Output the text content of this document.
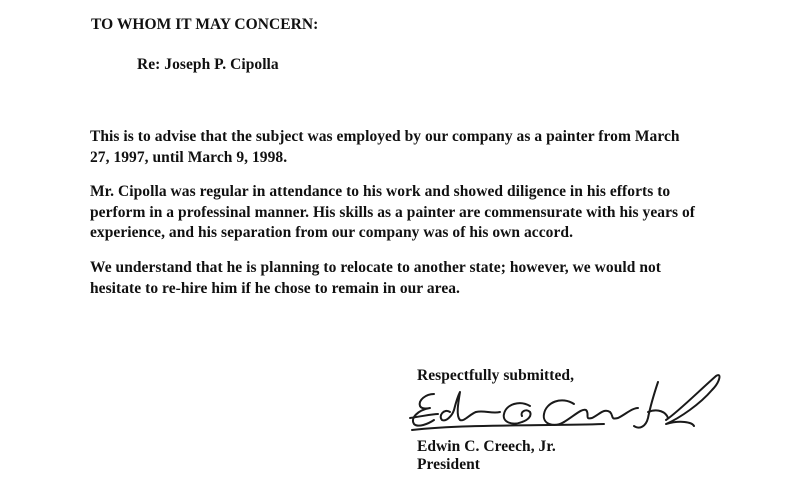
TO WHOM IT MAY CONCERN:
Re: Joseph P. Cipolla
This is to advise that the subject was employed by our company as a painter from March
27, 1997, until March 9, 1998.
Mr. Cipolla was regular in attendance to his work and showed diligence in his efforts to
perform in a professinal manner. His skills as a painter are commensurate with his years of
experience, and his separation from our company was of his own accord.
We understand that he is planning to relocate to another state; however, we would not
hesitate to re-hire him if he chose to remain in our area.
Respectfully submitted,
Edwin C. Creech, Jr.
President
